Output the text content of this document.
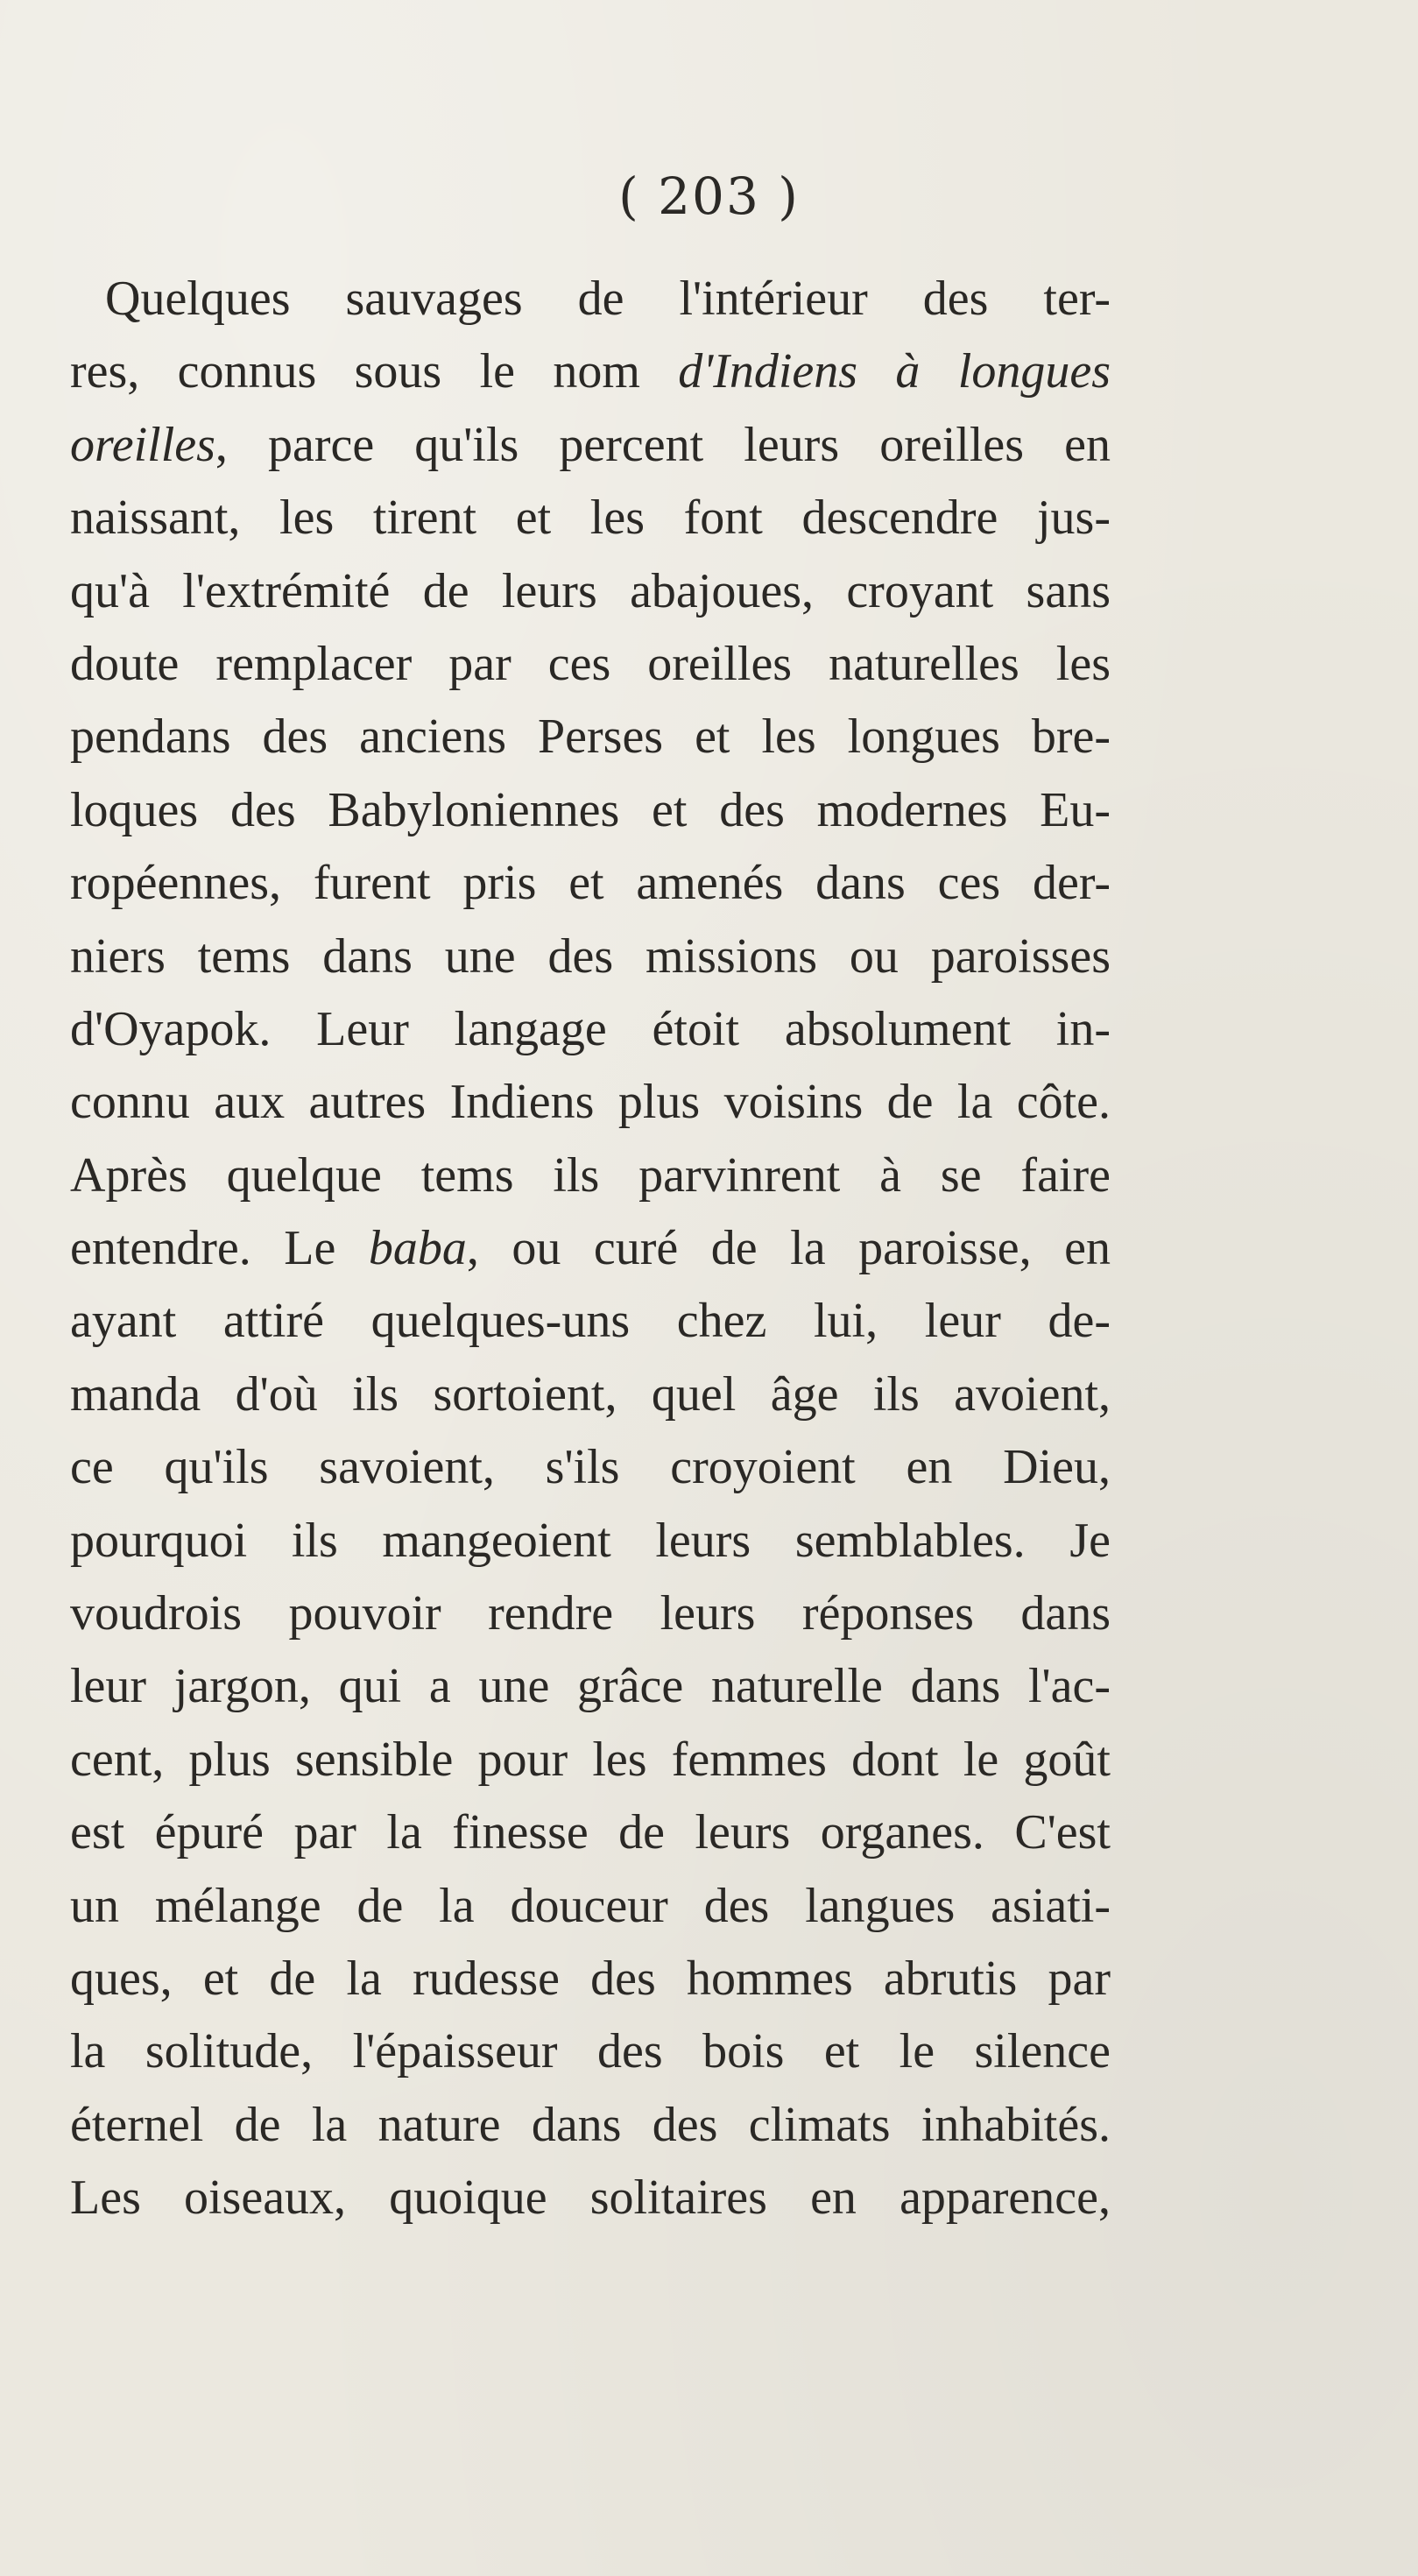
( 203 )
Quelques sauvages de l'intérieur des ter-
res, connus sous le nom d'Indiens à longues
oreilles, parce qu'ils percent leurs oreilles en
naissant, les tirent et les font descendre jus-
qu'à l'extrémité de leurs abajoues, croyant sans
doute remplacer par ces oreilles naturelles les
pendans des anciens Perses et les longues bre-
loques des Babyloniennes et des modernes Eu-
ropéennes, furent pris et amenés dans ces der-
niers tems dans une des missions ou paroisses
d'Oyapok. Leur langage étoit absolument in-
connu aux autres Indiens plus voisins de la côte.
Après quelque tems ils parvinrent à se faire
entendre. Le baba, ou curé de la paroisse, en
ayant attiré quelques-uns chez lui, leur de-
manda d'où ils sortoient, quel âge ils avoient,
ce qu'ils savoient, s'ils croyoient en Dieu,
pourquoi ils mangeoient leurs semblables. Je
voudrois pouvoir rendre leurs réponses dans
leur jargon, qui a une grâce naturelle dans l'ac-
cent, plus sensible pour les femmes dont le goût
est épuré par la finesse de leurs organes. C'est
un mélange de la douceur des langues asiati-
ques, et de la rudesse des hommes abrutis par
la solitude, l'épaisseur des bois et le silence
éternel de la nature dans des climats inhabités.
Les oiseaux, quoique solitaires en apparence,
